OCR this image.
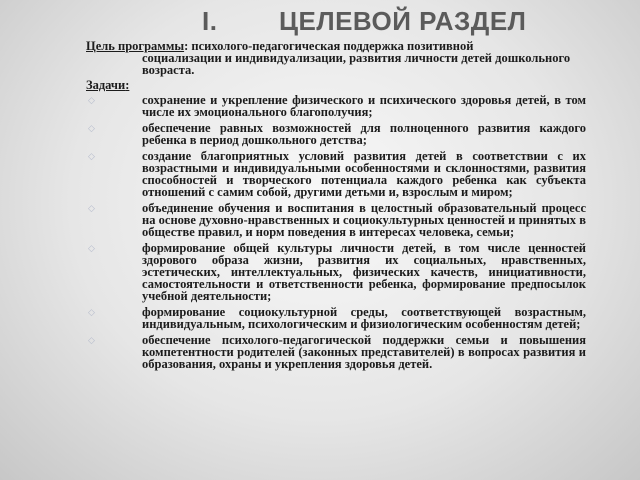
I. ЦЕЛЕВОЙ РАЗДЕЛ
Цель программы: психолого-педагогическая поддержка позитивной
социализации и индивидуализации, развития личности детей дошкольного возраста.
Задачи:
◇	сохранение и укрепление физического и психического здоровья детей, в том числе их эмоционального благополучия;
◇	обеспечение равных возможностей для полноценного развития каждого ребенка в период дошкольного детства;
◇	создание благоприятных условий развития детей в соответствии с их возрастными и индивидуальными особенностями и склонностями, развития способностей и творческого потенциала каждого ребенка как субъекта отношений с самим собой, другими детьми и, взрослым и миром;
◇	объединение обучения и воспитания в целостный образовательный процесс на основе духовно-нравственных и социокультурных ценностей и принятых в обществе правил, и норм поведения в интересах человека, семьи;
◇	формирование общей культуры личности детей, в том числе ценностей здорового образа жизни, развития их социальных, нравственных, эстетических, интеллектуальных, физических качеств, инициативности, самостоятельности и ответственности ребенка, формирование предпосылок учебной деятельности;
◇	формирование социокультурной среды, соответствующей возрастным, индивидуальным, психологическим и физиологическим особенностям детей;
◇	обеспечение психолого-педагогической поддержки семьи и повышения компетентности родителей (законных представителей) в вопросах развития и образования, охраны и укрепления здоровья детей.
